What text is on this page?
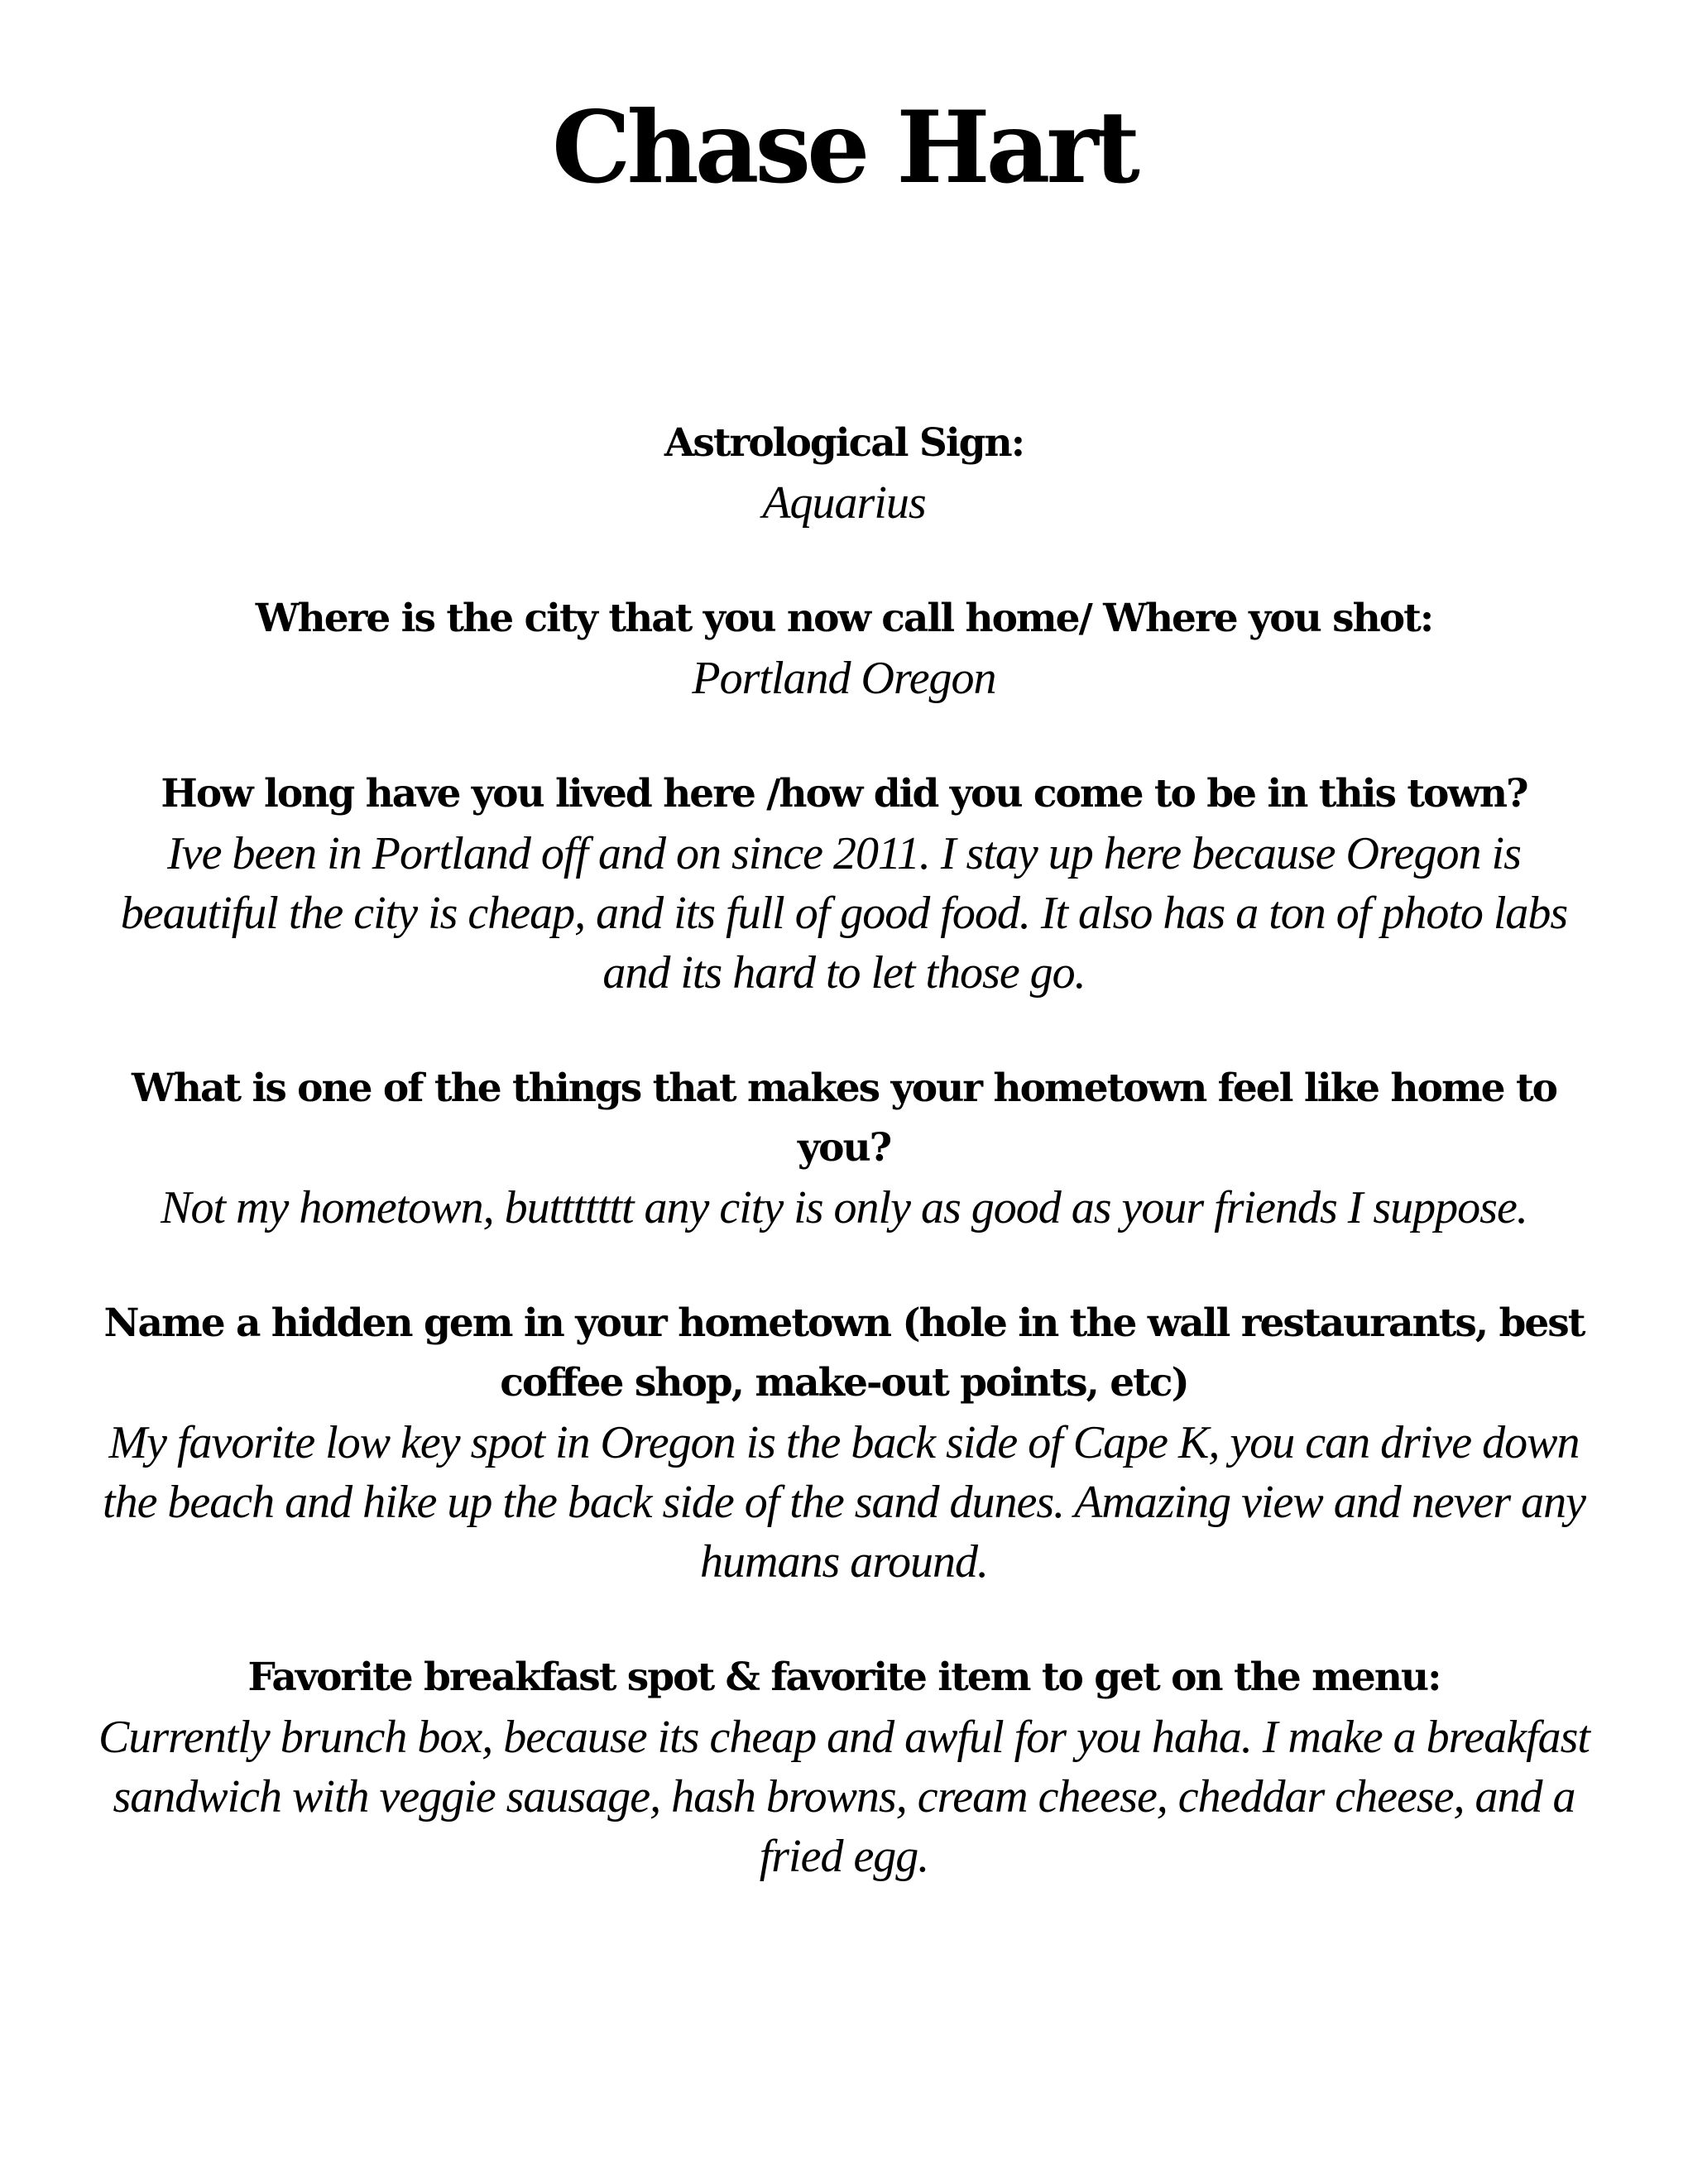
Chase Hart

Astrological Sign:

Aquarius

Where is the city that you now call home/ Where you shot:

Portland Oregon

How long have you lived here /how did you come to be in this town?

Ive been in Portland off and on since 2011. I stay up here because Oregon is beautiful the city is cheap, and its full of good food. It also has a ton of photo labs and its hard to let those go.

What is one of the things that makes your hometown feel like home to you?

Not my hometown, buttttttt any city is only as good as your friends I suppose.

Name a hidden gem in your hometown (hole in the wall restaurants, best coffee shop, make-out points, etc)

My favorite low key spot in Oregon is the back side of Cape K, you can drive down the beach and hike up the back side of the sand dunes. Amazing view and never any humans around.

Favorite breakfast spot & favorite item to get on the menu:

Currently brunch box, because its cheap and awful for you haha. I make a breakfast sandwich with veggie sausage, hash browns, cream cheese, cheddar cheese, and a fried egg.
